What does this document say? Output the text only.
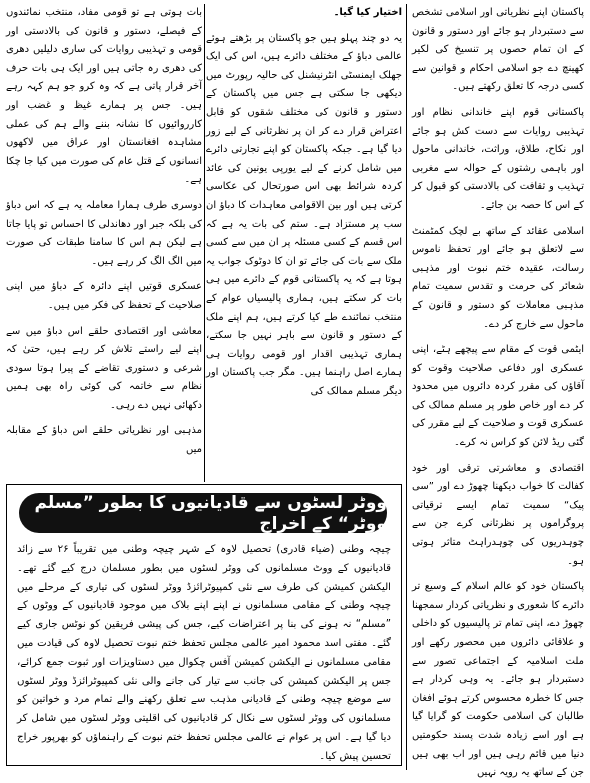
پاکستان اپنے نظریاتی اور اسلامی تشخص سے دستبردار ہو جائے اور دستور و قانون کے ان تمام حصوں پر تنسیخ کی لکیر کھینچ دے جو اسلامی احکام و قوانین سے کسی درجہ کا تعلق رکھتے ہیں۔

پاکستانی قوم اپنے خاندانی نظام اور تہذیبی روایات سے دست کش ہو جائے اور نکاح، طلاق، وراثت، خاندانی ماحول اور باہمی رشتوں کے حوالہ سے مغربی تہذیب و ثقافت کی بالادستی کو قبول کر کے اس کا حصہ بن جائے۔

اسلامی عقائد کے ساتھ بے لچک کمٹمنٹ سے لاتعلق ہو جائے اور تحفظ ناموس رسالت، عقیدہ ختم نبوت اور مذہبی شعائر کی حرمت و تقدس سمیت تمام مذہبی معاملات کو دستور و قانون کے ماحول سے خارج کر دے۔

ایٹمی قوت کے مقام سے پیچھے ہٹے، اپنی عسکری اور دفاعی صلاحیت وقوت کو آقاؤں کی مقرر کردہ دائروں میں محدود کر دے اور خاص طور پر مسلم ممالک کی عسکری قوت و صلاحیت کے لیے مقرر کی گئی ریڈ لائن کو کراس نہ کرے۔

اقتصادی و معاشرتی ترقی اور خود کفالت کا خواب دیکھنا چھوڑ دے اور ”سی پیک“ سمیت تمام ایسے ترقیاتی پروگراموں پر نظرثانی کرے جن سے چوہدریوں کی چوہدراہٹ متاثر ہوتی ہو۔

پاکستان خود کو عالم اسلام کے وسیع تر دائرے کا شعوری و نظریاتی کردار سمجھنا چھوڑ دے، اپنی تمام تر پالیسیوں کو داخلی و علاقائی دائروں میں محصور رکھے اور ملت اسلامیہ کے اجتماعی تصور سے دستبردار ہو جائے۔ یہ وہی کردار ہے جس کا خطرہ محسوس کرتے ہوئے افغان طالبان کی اسلامی حکومت کو گرایا گیا ہے اور اسے زیادہ شدت پسند حکومتیں دنیا میں قائم رہی ہیں اور اب بھی ہیں جن کے ساتھ یہ رویہ نہیں

اختیار کیا گیا۔

یہ دو چند پہلو ہیں جو پاکستان پر بڑھتے ہوئے عالمی دباؤ کے مختلف دائرے ہیں، اس کی ایک جھلک ایمنسٹی انٹرنیشنل کی حالیہ رپورٹ میں دیکھی جا سکتی ہے جس میں پاکستان کے دستور و قانون کی مختلف شقوں کو قابل اعتراض قرار دے کر ان پر نظرثانی کے لیے زور دیا گیا ہے۔ جبکہ پاکستان کو اپنے تجارتی دائرے میں شامل کرنے کے لیے یورپی یونین کی عائد کردہ شرائط بھی اس صورتحال کی عکاسی کرتی ہیں اور بین الاقوامی معاہدات کا دباؤ ان سب پر مستزاد ہے۔ ستم کی بات یہ ہے کہ اس قسم کے کسی مسئلہ پر ان میں سے کسی ملک سے بات کی جائے تو ان کا دوٹوک جواب یہ ہوتا ہے کہ یہ پاکستانی قوم کے دائرے میں ہی بات کر سکتے ہیں، ہماری پالیسیاں عوام کے منتخب نمائندے طے کیا کرتے ہیں، ہم اپنے ملک کے دستور و قانون سے باہر نہیں جا سکتے، ہماری تہذیبی اقدار اور قومی روایات ہی ہمارے اصل راہنما ہیں۔ مگر جب پاکستان اور دیگر مسلم ممالک کی

بات ہوتی ہے تو قومی مفاد، منتخب نمائندوں کے فیصلے، دستور و قانون کی بالادستی اور قومی و تہذیبی روایات کی ساری دلیلیں دھری کی دھری رہ جاتی ہیں اور ایک ہی بات حرف آخر قرار پاتی ہے کہ وہ کرو جو ہم کہہ رہے ہیں۔ جس پر ہمارے غیظ و غضب اور کارروائیوں کا نشانہ بننے والے ہم کی عملی مشاہدہ افغانستان اور عراق میں لاکھوں انسانوں کے قتل عام کی صورت میں کیا جا چکا ہے۔

دوسری طرف ہمارا معاملہ یہ ہے کہ اس دباؤ کی بلکہ جبر اور دھاندلی کا احساس تو پایا جاتا ہے لیکن ہم اس کا سامنا طبقات کی صورت میں الگ الگ کر رہے ہیں۔

عسکری قوتیں اپنے دائرہ کے دباؤ میں اپنی صلاحیت کے تحفظ کی فکر میں ہیں۔

معاشی اور اقتصادی حلقے اس دباؤ میں سے اپنے لیے راستے تلاش کر رہے ہیں، حتیٰ کہ شرعی و دستوری تقاضے کے پیرا ہوتا سودی نظام سے خاتمہ کی کوئی راہ بھی ہمیں دکھائی نہیں دے رہی۔

مذہبی اور نظریاتی حلقے اس دباؤ کے مقابلہ میں

ووٹر لسٹوں سے قادیانیوں کا بطور ”مسلم ووٹر“ کے اخراج

چیچہ وطنی (ضیاء قادری) تحصیل لاوہ کے شہر چیچہ وطنی میں تقریباً ۲۶ سے زائد قادیانیوں کے ووٹ مسلمانوں کی ووٹر لسٹوں میں بطور مسلمان درج کیے گئے تھے۔ الیکشن کمیشن کی طرف سے نئی کمپیوٹرائزڈ ووٹر لسٹوں کی تیاری کے مرحلے میں چیچہ وطنی کے مقامی مسلمانوں نے اپنے اپنے بلاک میں موجود قادیانیوں کے ووٹوں کے ”مسلم“ نہ ہونے کی بنا پر اعتراضات کیے، جس کی پیشی فریقین کو نوٹس جاری کیے گئے۔ مفتی اسد محمود امیر عالمی مجلس تحفظ ختم نبوت تحصیل لاوہ کی قیادت میں مقامی مسلمانوں نے الیکشن کمیشن آفس چکوال میں دستاویزات اور ثبوت جمع کرائے، جس پر الیکشن کمیشن کی جانب سے تیار کی جانے والی نئی کمپیوٹرائزڈ ووٹر لسٹوں سے موضع چیچہ وطنی کے قادیانی مذہب سے تعلق رکھنے والے تمام مرد و خواتین کو مسلمانوں کی ووٹر لسٹوں سے نکال کر قادیانیوں کی اقلیتی ووٹر لسٹوں میں شامل کر دیا گیا ہے۔ اس پر عوام نے عالمی مجلس تحفظ ختم نبوت کے راہنماؤں کو بھرپور خراج تحسین پیش کیا۔
